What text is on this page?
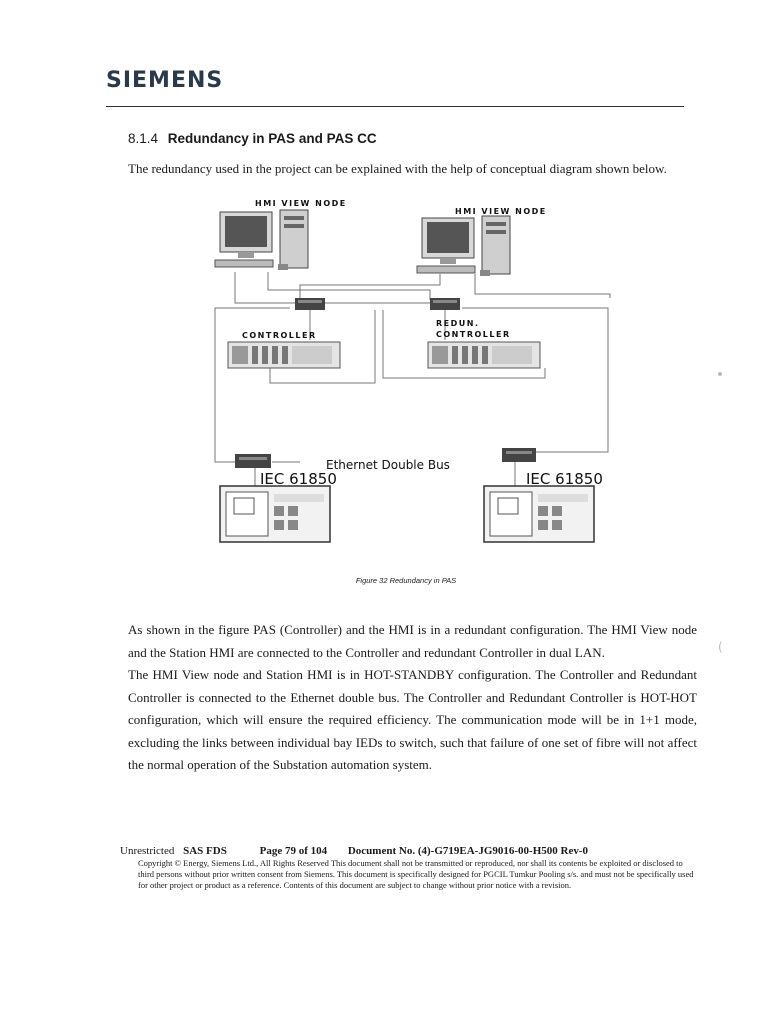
SIEMENS
8.1.4 Redundancy in PAS and PAS CC
The redundancy used in the project can be explained with the help of conceptual diagram shown below.
HMI VIEW NODE
HMI VIEW NODE
CONTROLLER
REDUN.
CONTROLLER
Ethernet Double Bus
IEC 61850	IEC 61850
Figure 32 Redundancy in PAS

As shown in the figure PAS (Controller) and the HMI is in a redundant configuration. The HMI View node and the Station HMI are connected to the Controller and redundant Controller in dual LAN.

The HMI View node and Station HMI is in HOT-STANDBY configuration. The Controller and Redundant Controller is connected to the Ethernet double bus. The Controller and Redundant Controller is HOT-HOT configuration, which will ensure the required efficiency. The communication mode will be in 1+1 mode, excluding the links between individual bay IEDs to switch, such that failure of one set of fibre will not affect the normal operation of the Substation automation system.

Unrestricted SAS FDS	Page 79 of 104 Document No. (4)-G719EA-JG9016-00-H500 Rev-0

Copyright © Energy, Siemens Ltd., All Rights Reserved This document shall not be transmitted or reproduced, nor shall its contents be exploited or disclosed to third persons without prior written consent from Siemens. This document is specifically designed for PGCIL Tumkur Pooling s/s. and must not be specifically used for other project or product as a reference. Contents of this document are subject to change without prior notice with a revision.

(
